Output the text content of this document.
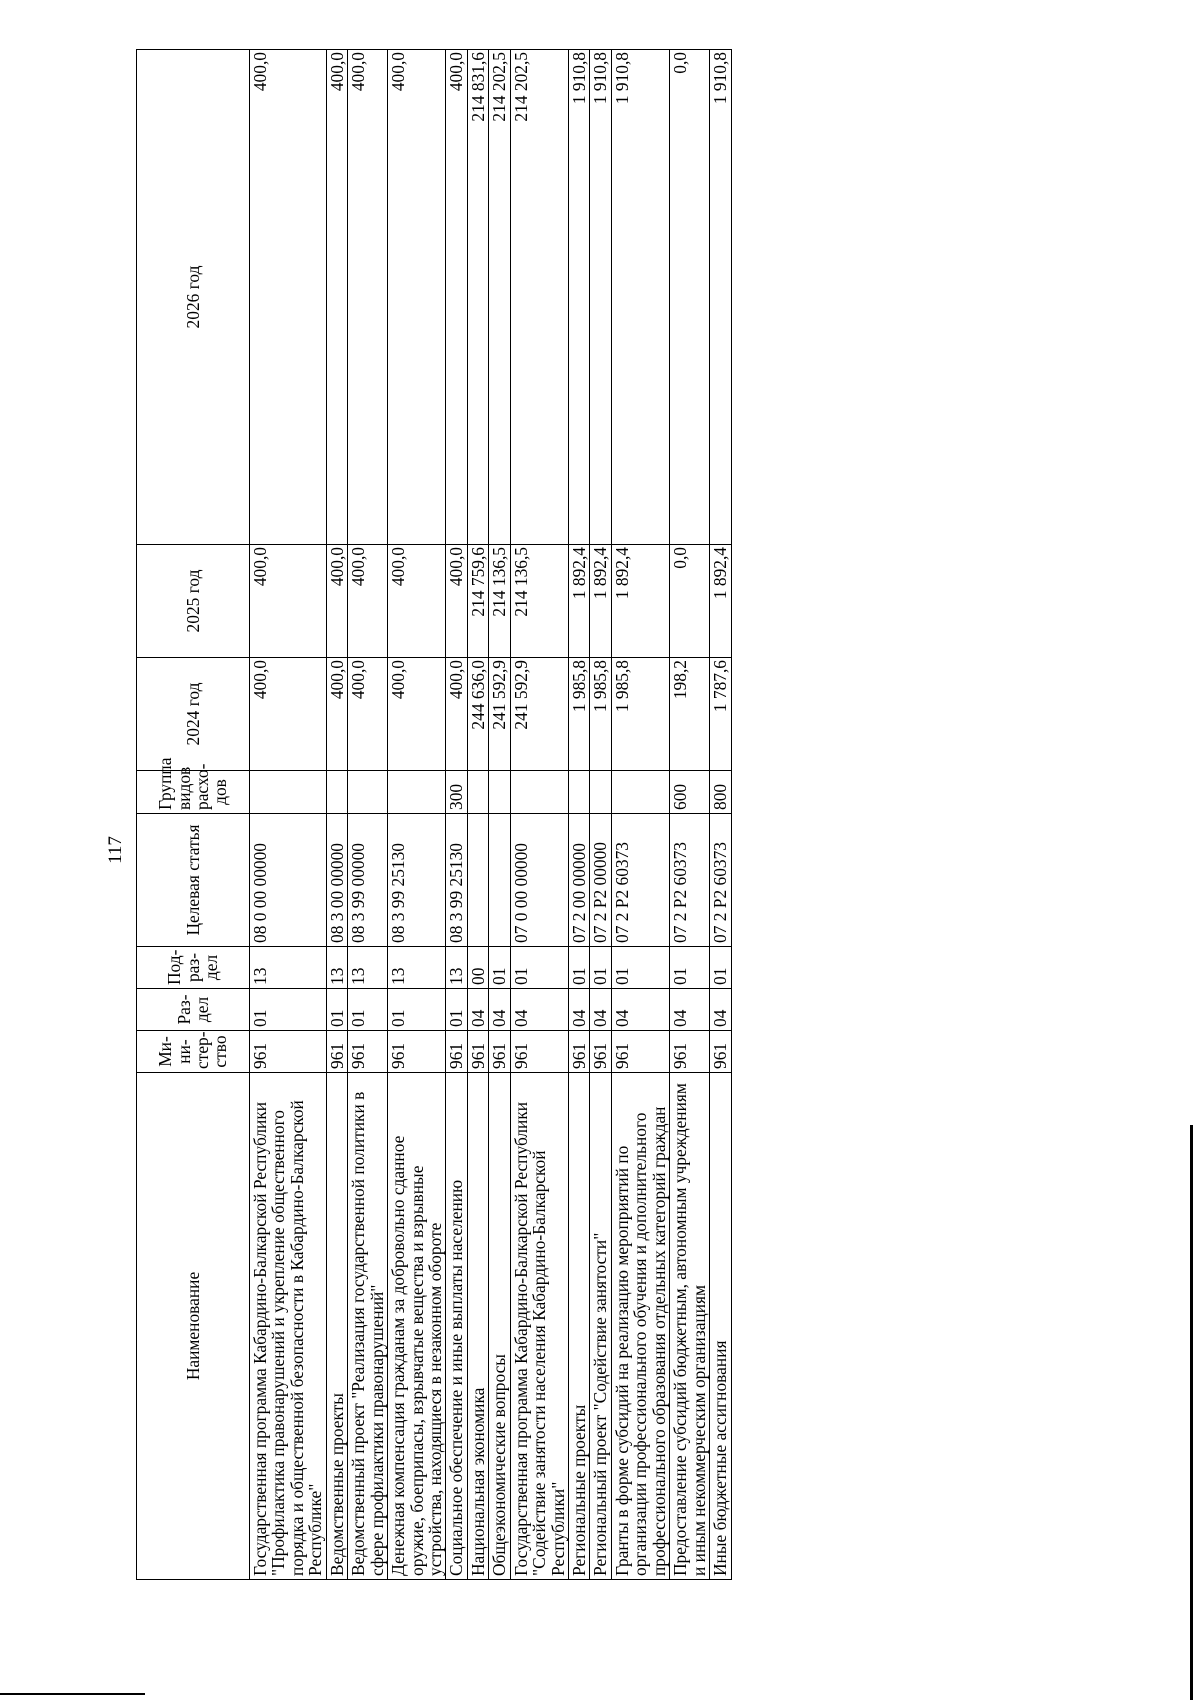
117
Наименование	Ми-ни-стер-ство	Раз-дел	Под-раз-дел	Целевая статья	Группа видов расхо-дов	2024 год	2025 год	2026 год
Государственная программа Кабардино-Балкарской Республики "Профилактика правонарушений и укрепление общественного порядка и общественной безопасности в Кабардино-Балкарской Республике"	961	01	13	08 0 00 00000		400,0	400,0	400,0
Ведомственные проекты	961	01	13	08 3 00 00000		400,0	400,0	400,0
Ведомственный проект "Реализация государственной политики в сфере профилактики правонарушений"	961	01	13	08 3 99 00000		400,0	400,0	400,0
Денежная компенсация гражданам за добровольно сданное оружие, боеприпасы, взрывчатые вещества и взрывные устройства, находящиеся в незаконном обороте	961	01	13	08 3 99 25130		400,0	400,0	400,0
Социальное обеспечение и иные выплаты населению	961	01	13	08 3 99 25130	300	400,0	400,0	400,0
Национальная экономика	961	04	00			244 636,0	214 759,6	214 831,6
Общеэкономические вопросы	961	04	01			241 592,9	214 136,5	214 202,5
Государственная программа Кабардино-Балкарской Республики "Содействие занятости населения Кабардино-Балкарской Республики"	961	04	01	07 0 00 00000		241 592,9	214 136,5	214 202,5
Региональные проекты	961	04	01	07 2 00 00000		1 985,8	1 892,4	1 910,8
Региональный проект "Содействие занятости"	961	04	01	07 2 Р2 00000		1 985,8	1 892,4	1 910,8
Гранты в форме субсидий на реализацию мероприятий по организации профессионального обучения и дополнительного профессионального образования отдельных категорий граждан	961	04	01	07 2 Р2 60373		1 985,8	1 892,4	1 910,8
Предоставление субсидий бюджетным, автономным учреждениям и иным некоммерческим организациям	961	04	01	07 2 Р2 60373	600	198,2	0,0	0,0
Иные бюджетные ассигнования	961	04	01	07 2 Р2 60373	800	1 787,6	1 892,4	1 910,8
